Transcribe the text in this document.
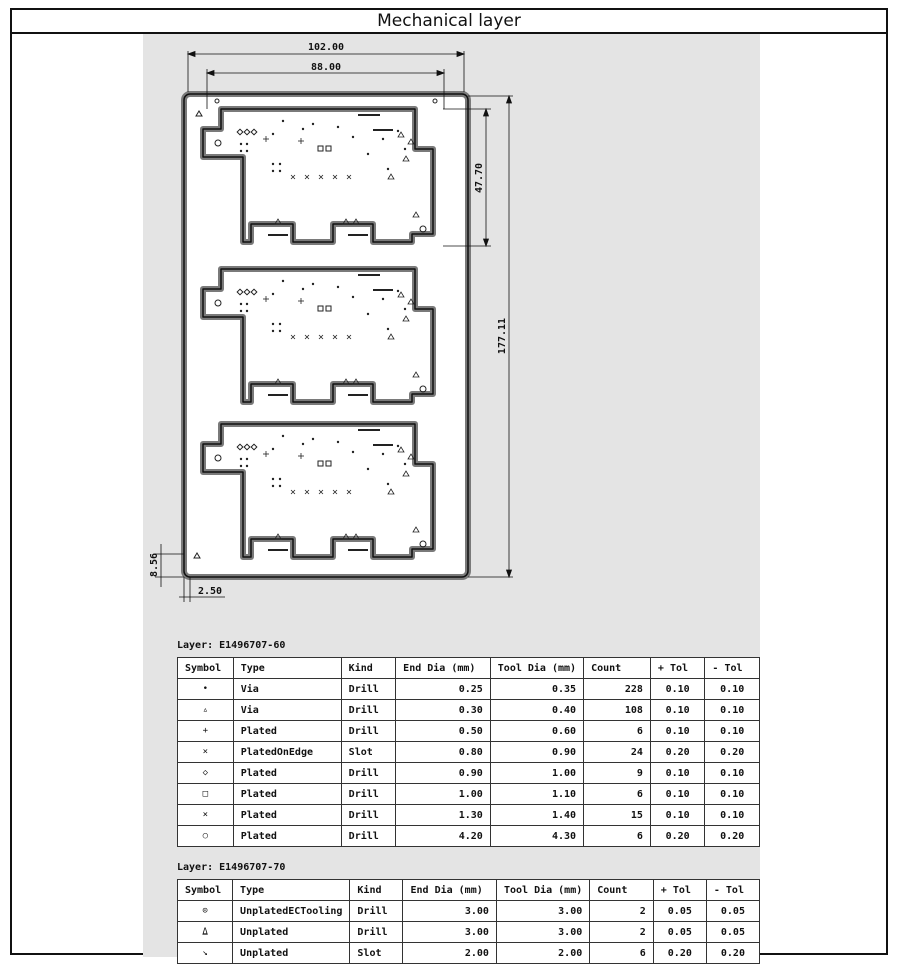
Mechanical layer
102.00
88.00
47.70
177.11
8.56
2.50
Layer: E1496707-60
Symbol	Type	Kind	End Dia (mm)	Tool Dia (mm)	Count	+ Tol	- Tol
•	Via	Drill	0.25	0.35	228	0.10	0.10
▵	Via	Drill	0.30	0.40	108	0.10	0.10
+	Plated	Drill	0.50	0.60	6	0.10	0.10
×	PlatedOnEdge	Slot	0.80	0.90	24	0.20	0.20
◇	Plated	Drill	0.90	1.00	9	0.10	0.10
□	Plated	Drill	1.00	1.10	6	0.10	0.10
⨯	Plated	Drill	1.30	1.40	15	0.10	0.10
○	Plated	Drill	4.20	4.30	6	0.20	0.20
Layer: E1496707-70
Symbol	Type	Kind	End Dia (mm)	Tool Dia (mm)	Count	+ Tol	- Tol
⊙	UnplatedECTooling	Drill	3.00	3.00	2	0.05	0.05
⍙	Unplated	Drill	3.00	3.00	2	0.05	0.05
↘	Unplated	Slot	2.00	2.00	6	0.20	0.20
